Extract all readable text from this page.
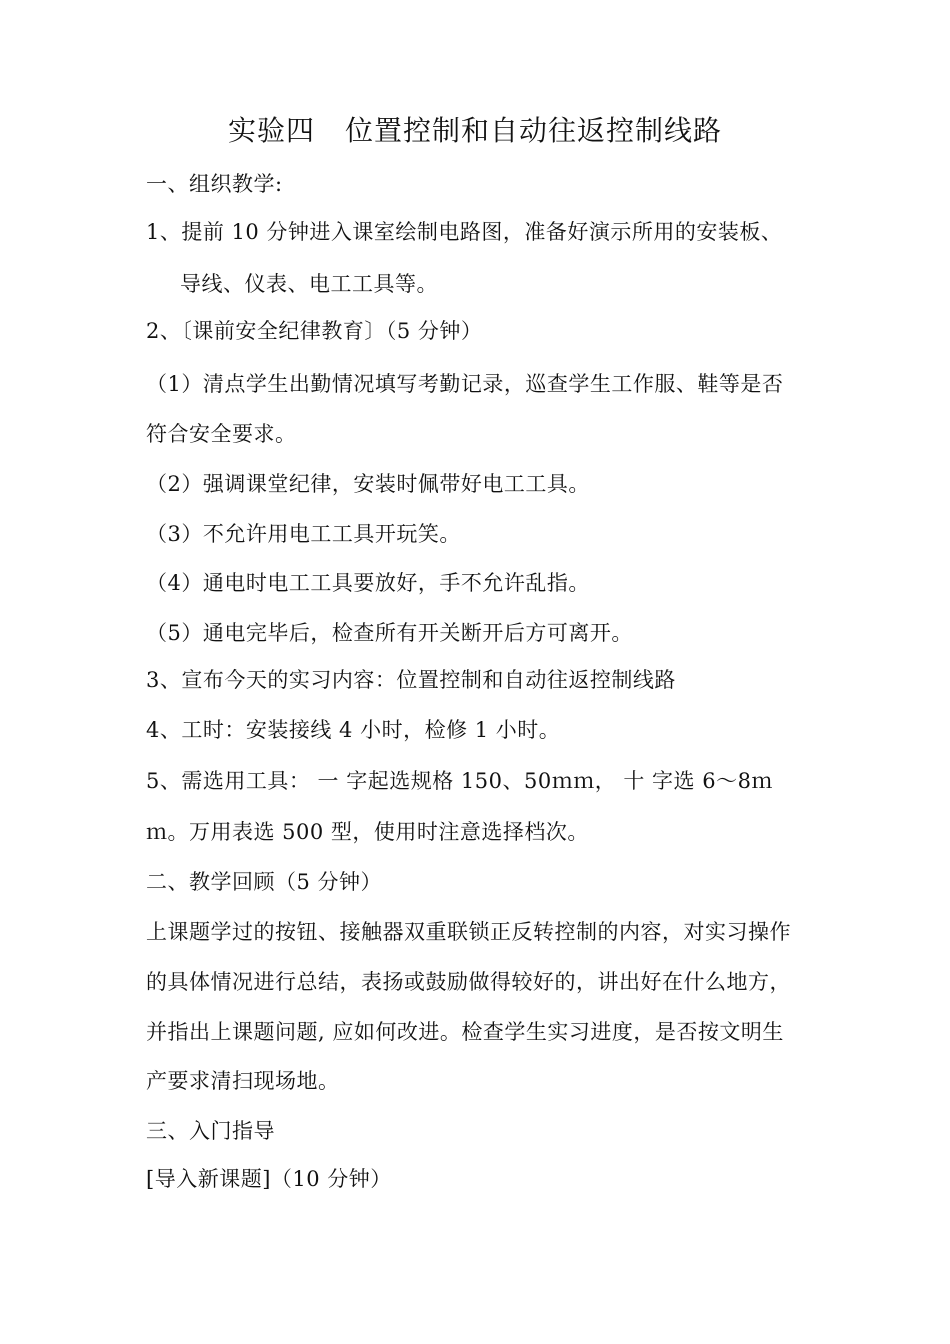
实验四 位置控制和自动往返控制线路
一、组织教学:
1、提前 10 分钟进入课室绘制电路图，准备好演示所用的安装板、
导线、仪表、电工工具等。
2、〔课前安全纪律教育〕（5 分钟）
（1）清点学生出勤情况填写考勤记录，巡查学生工作服、鞋等是否
符合安全要求。
（2）强调课堂纪律，安装时佩带好电工工具。
（3）不允许用电工工具开玩笑。
（4）通电时电工工具要放好，手不允许乱指。
（5）通电完毕后，检查所有开关断开后方可离开。
3、宣布今天的实习内容：位置控制和自动往返控制线路
4、工时：安装接线 4 小时，检修 1 小时。
5、需选用工具： 一 字起选规格 150、50ｍｍ， 十 字选 6～8ｍ
ｍ。万用表选 500 型，使用时注意选择档次。
二、教学回顾（5 分钟）
上课题学过的按钮、接触器双重联锁正反转控制的内容，对实习操作
的具体情况进行总结，表扬或鼓励做得较好的，讲出好在什么地方，
并指出上课题问题, 应如何改进。检查学生实习进度，是否按文明生
产要求清扫现场地。
三、入门指导
[导入新课题]（10 分钟）
